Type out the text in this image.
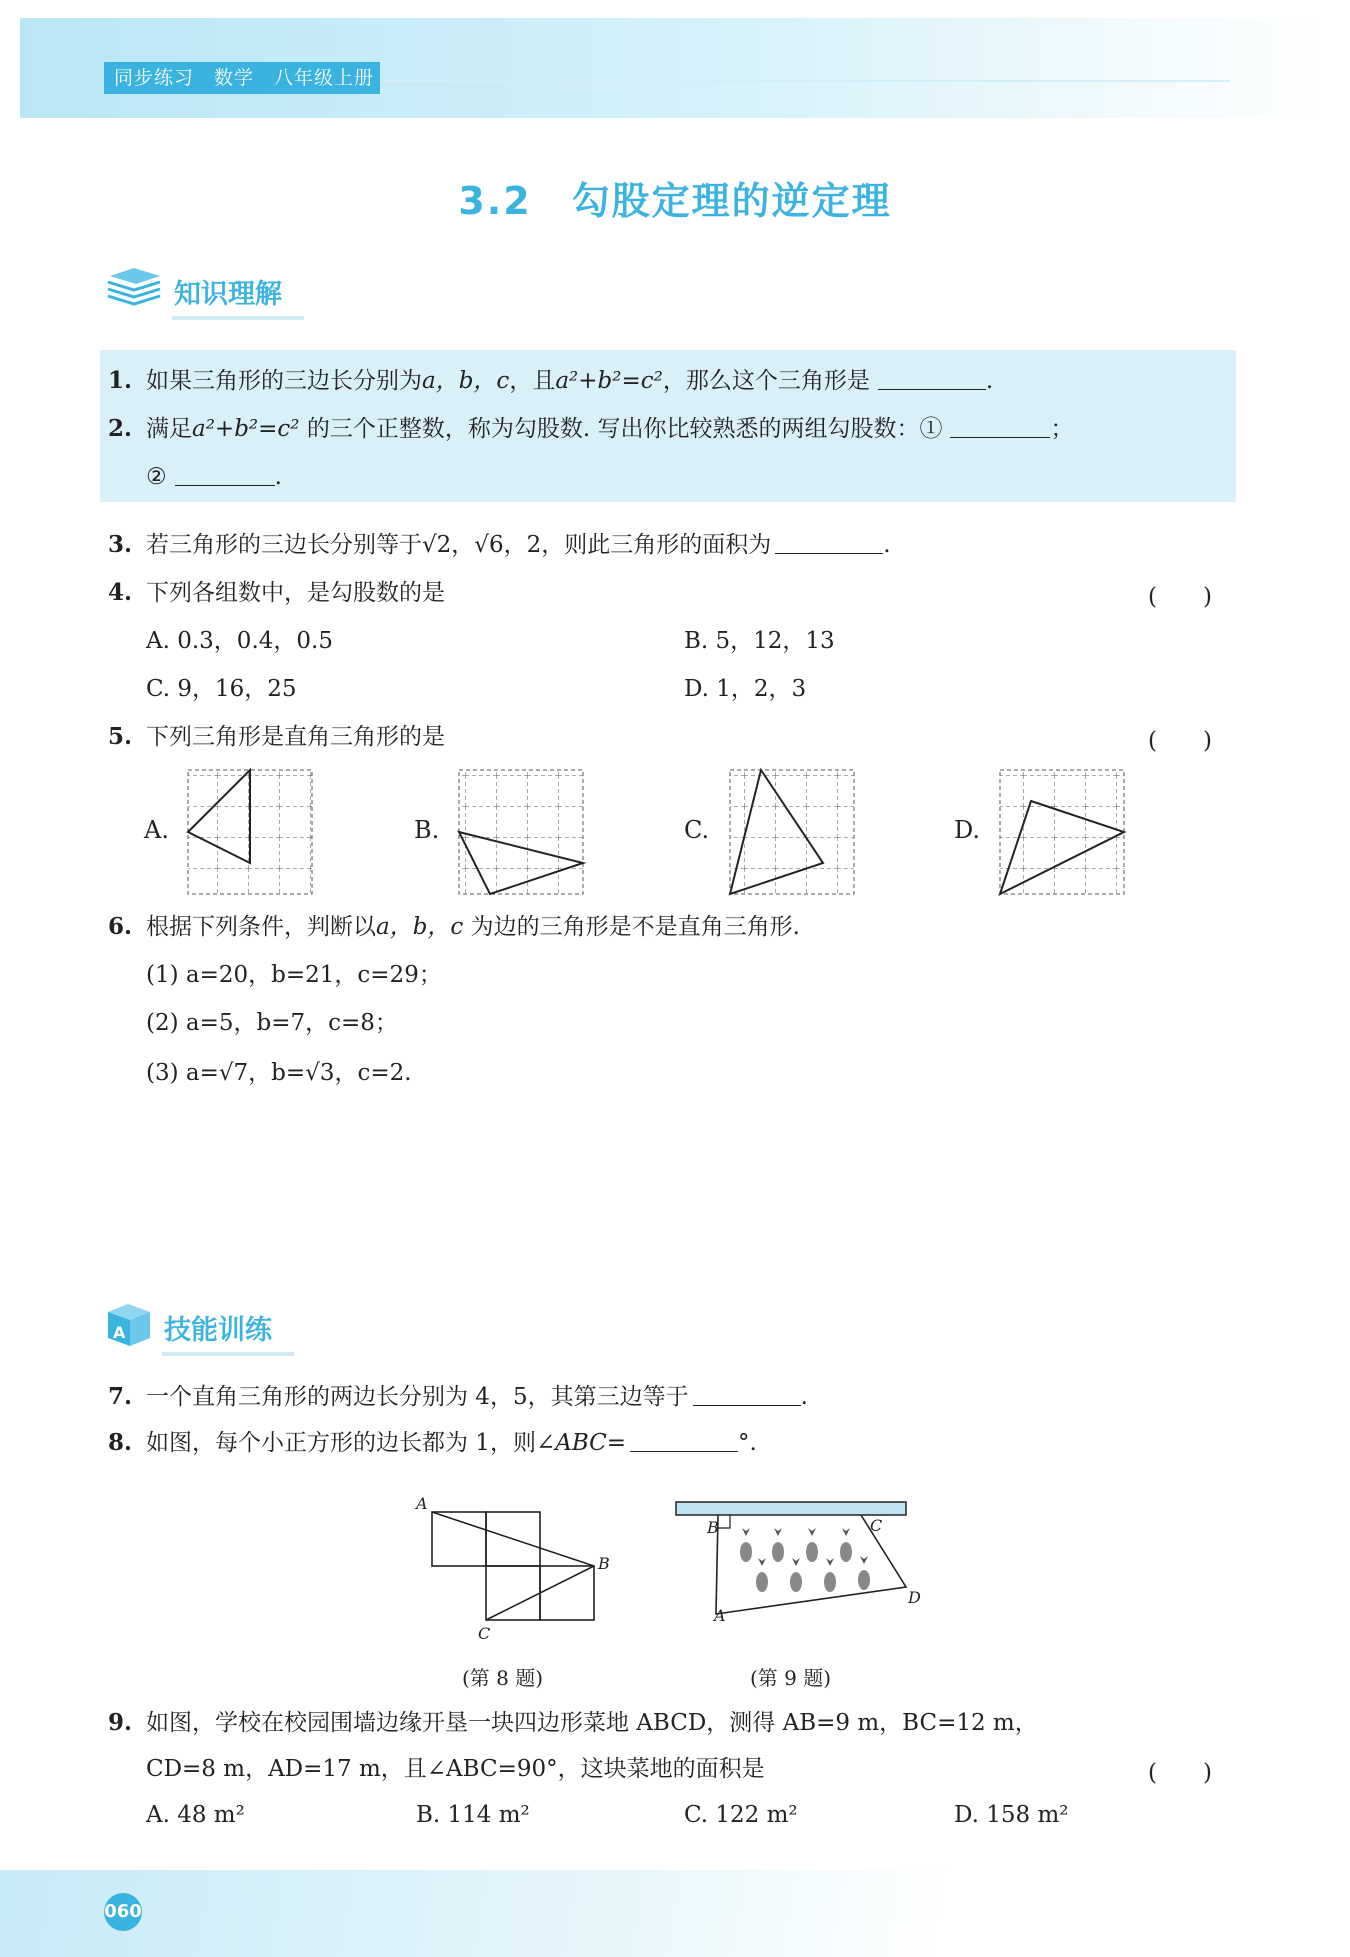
同步练习　数学　八年级上册
3.2 勾股定理的逆定理
知识理解
1. 如果三角形的三边长分别为a，b，c，且a²+b²=c²，那么这个三角形是	.
2. 满足a²+b²=c² 的三个正整数，称为勾股数. 写出你比较熟悉的两组勾股数：①	；
②	.
3. 若三角形的三边长分别等于√2，√6，2，则此三角形的面积为	.
4. 下列各组数中，是勾股数的是	(　　)
A. 0.3，0.4，0.5	B. 5，12，13
C. 9，16，25	D. 1，2，3
5. 下列三角形是直角三角形的是	(　　)
A.	B.	C.	D.
6. 根据下列条件，判断以a，b，c 为边的三角形是不是直角三角形.
(1) a=20，b=21，c=29；
(2) a=5，b=7，c=8；
(3) a=√7，b=√3，c=2.
A 技能训练
7. 一个直角三角形的两边长分别为 4，5，其第三边等于	.
8. 如图，每个小正方形的边长都为 1，则∠ABC=	°.
A
B
C
A
B	C
D
(第 8 题)	(第 9 题)
9. 如图，学校在校园围墙边缘开垦一块四边形菜地 ABCD，测得 AB=9 m，BC=12 m，
CD=8 m，AD=17 m，且∠ABC=90°，这块菜地的面积是	(　　)
A. 48 m²	B. 114 m²	C. 122 m²	D. 158 m²
060
